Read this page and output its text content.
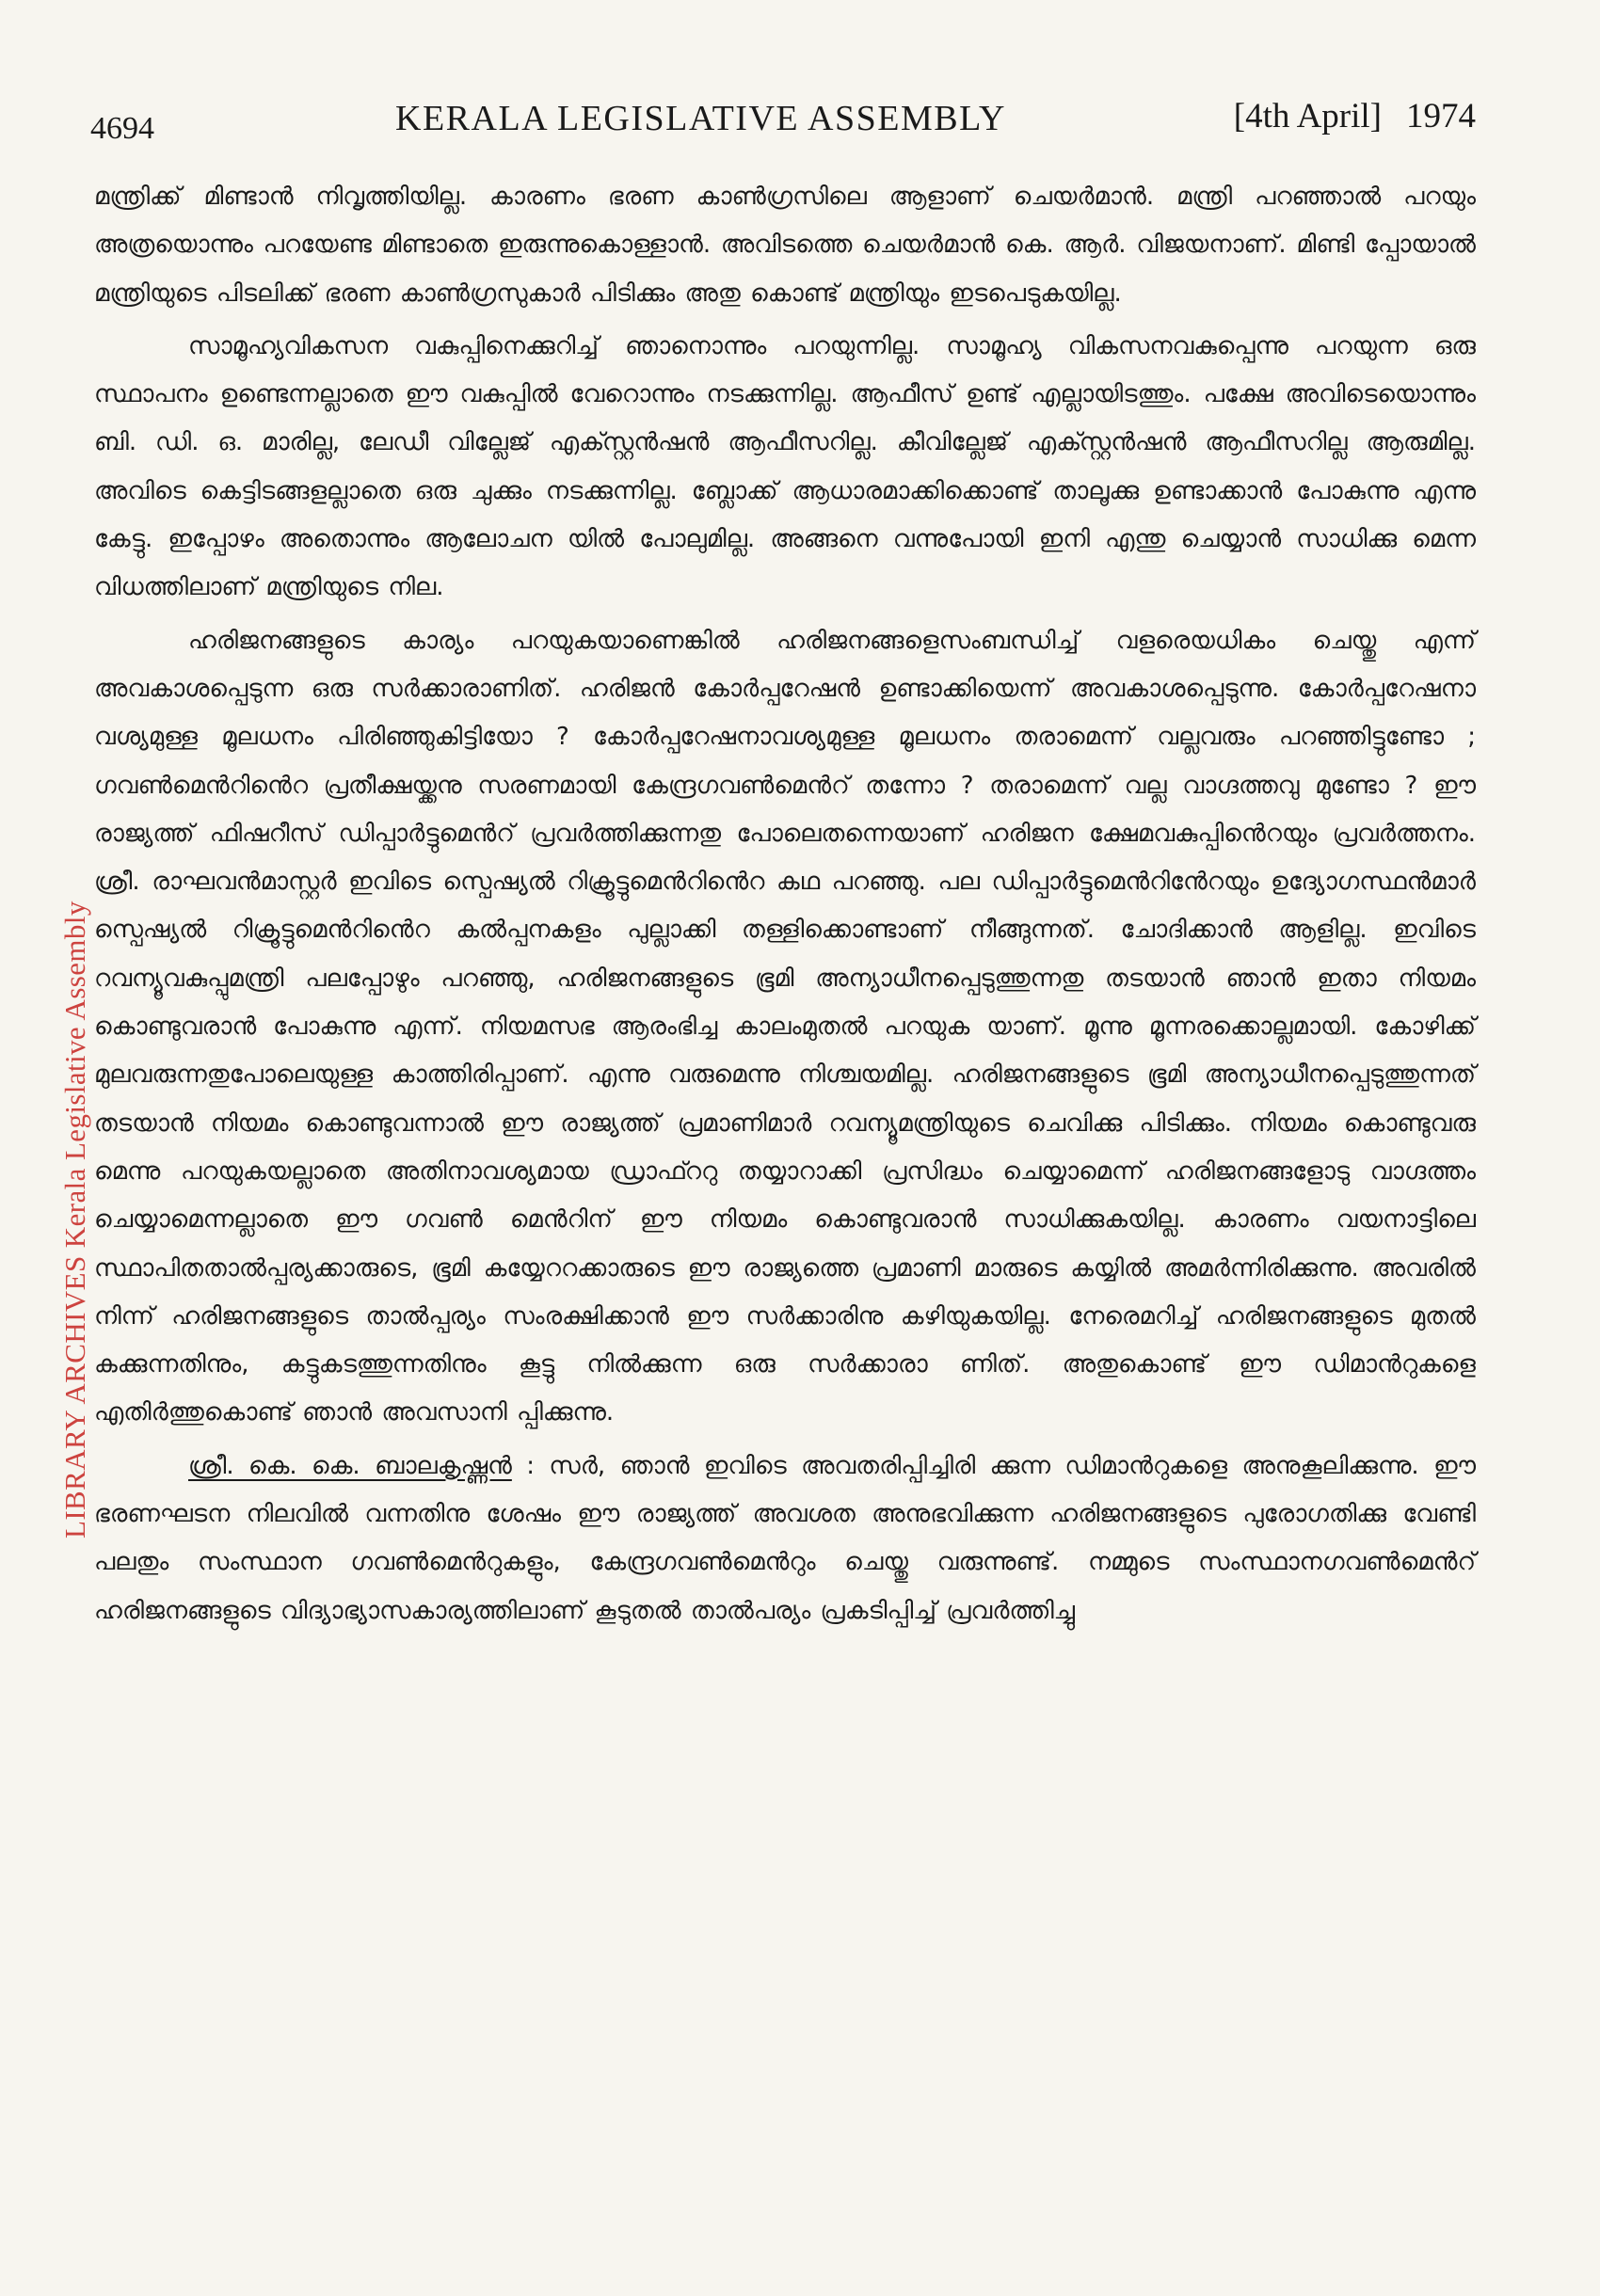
4694	KERALA LEGISLATIVE ASSEMBLY	[4th April] 1974
LIBRARY ARCHIVES Kerala Legislative Assembly

മന്ത്രിക്ക് മിണ്ടാൻ നിവൃത്തിയില്ല. കാരണം ഭരണ കാൺഗ്രസിലെ ആളാണ് ചെയർമാൻ. മന്ത്രി പറഞ്ഞാൽ പറയും അത്രയൊന്നും പറയേണ്ട മിണ്ടാതെ ഇരുന്നുകൊള്ളാൻ. അവിടത്തെ ചെയർമാൻ കെ. ആർ. വിജയനാണ്. മിണ്ടി പ്പോയാൽ മന്ത്രിയുടെ പിടലിക്ക് ഭരണ കാൺഗ്രസുകാർ പിടിക്കും അതു കൊണ്ട് മന്ത്രിയും ഇടപെടുകയില്ല.

സാമൂഹ്യവികസന വകുപ്പിനെക്കുറിച്ച് ഞാനൊന്നും പറയുന്നില്ല. സാമൂഹ്യ വികസനവകുപ്പെന്നു പറയുന്ന ഒരു സ്ഥാപനം ഉണ്ടെന്നല്ലാതെ ഈ വകുപ്പിൽ വേറൊന്നും നടക്കുന്നില്ല. ആഫീസ് ഉണ്ട് എല്ലായിടത്തും. പക്ഷേ അവിടെയൊന്നും ബി. ഡി. ഒ. മാരില്ല, ലേഡീ വില്ലേജ് എക്സ്റ്റൻഷൻ ആഫീസറില്ല. കീവില്ലേജ് എക്സ്റ്റൻഷൻ ആഫീസറില്ല ആരുമില്ല. അവിടെ കെട്ടിടങ്ങളല്ലാതെ ഒരു ചുക്കും നടക്കുന്നില്ല. ബ്ലോക്ക് ആധാരമാക്കിക്കൊണ്ട് താലൂക്കു ഉണ്ടാക്കാൻ പോകുന്നു എന്നു കേട്ടു. ഇപ്പോഴം അതൊന്നും ആലോചന യിൽ പോലുമില്ല. അങ്ങനെ വന്നുപോയി ഇനി എന്തു ചെയ്യാൻ സാധിക്കു മെന്ന വിധത്തിലാണ് മന്ത്രിയുടെ നില.

ഹരിജനങ്ങളുടെ കാര്യം പറയുകയാണെങ്കിൽ ഹരിജനങ്ങളെസംബന്ധിച്ച് വളരെയധികം ചെയ്തു എന്ന് അവകാശപ്പെടുന്ന ഒരു സർക്കാരാണിത്. ഹരിജൻ കോർപ്പറേഷൻ ഉണ്ടാക്കിയെന്ന് അവകാശപ്പെടുന്നു. കോർപ്പറേഷനാ വശ്യമുള്ള മൂലധനം പിരിഞ്ഞുകിട്ടിയോ ? കോർപ്പറേഷനാവശ്യമുള്ള മൂലധനം തരാമെന്ന് വല്ലവരും പറഞ്ഞിട്ടുണ്ടോ ; ഗവൺമെൻറിൻെറ പ്രതീക്ഷയ്ക്കനു സരണമായി കേന്ദ്രഗവൺമെൻറ് തന്നോ ? തരാമെന്ന് വല്ല വാഗ്ദത്തവു മുണ്ടോ ? ഈ രാജ്യത്ത് ഫിഷറീസ് ഡിപ്പാർട്ടുമെൻറ് പ്രവർത്തിക്കുന്നതു പോലെതന്നെയാണ് ഹരിജന ക്ഷേമവകുപ്പിൻെറയും പ്രവർത്തനം. ശ്രീ. രാഘവൻമാസ്റ്റർ ഇവിടെ സ്പെഷ്യൽ റിക്രൂട്ടുമെൻറിൻെറ കഥ പറഞ്ഞു. പല ഡിപ്പാർട്ടുമെൻറിൻേറയും ഉദ്യോഗസ്ഥൻമാർ സ്പെഷ്യൽ റിക്രൂട്ടുമെൻറിൻെറ കൽപ്പനകളം പുല്ലാക്കി തള്ളിക്കൊണ്ടാണ് നീങ്ങുന്നത്. ചോദിക്കാൻ ആളില്ല. ഇവിടെ റവന്യൂവകുപ്പുമന്ത്രി പലപ്പോഴും പറഞ്ഞു, ഹരിജനങ്ങളുടെ ഭൂമി അന്യാധീനപ്പെടുത്തുന്നതു തടയാൻ ഞാൻ ഇതാ നിയമം കൊണ്ടുവരാൻ പോകുന്നു എന്ന്. നിയമസഭ ആരംഭിച്ച കാലംമുതൽ പറയുക യാണ്. മൂന്നു മൂന്നരക്കൊല്ലമായി. കോഴിക്ക് മുലവരുന്നതുപോലെയുള്ള കാത്തിരിപ്പാണ്. എന്നു വരുമെന്നു നിശ്ചയമില്ല. ഹരിജനങ്ങളുടെ ഭൂമി അന്യാധീനപ്പെടുത്തുന്നത് തടയാൻ നിയമം കൊണ്ടുവന്നാൽ ഈ രാജ്യത്ത് പ്രമാണിമാർ റവന്യൂമന്ത്രിയുടെ ചെവിക്കു പിടിക്കും. നിയമം കൊണ്ടുവരു മെന്നു പറയുകയല്ലാതെ അതിനാവശ്യമായ ഡ്രാഫ്ററു തയ്യാറാക്കി പ്രസിദ്ധം ചെയ്യാമെന്ന് ഹരിജനങ്ങളോടു വാഗ്ദത്തം ചെയ്യാമെന്നല്ലാതെ ഈ ഗവൺ മെൻറിന് ഈ നിയമം കൊണ്ടുവരാൻ സാധിക്കുകയില്ല. കാരണം വയനാട്ടിലെ സ്ഥാപിതതാൽപ്പര്യക്കാരുടെ, ഭൂമി കയ്യേററക്കാരുടെ ഈ രാജ്യത്തെ പ്രമാണി മാരുടെ കയ്യിൽ അമർന്നിരിക്കുന്നു. അവരിൽ നിന്ന് ഹരിജനങ്ങളുടെ താൽപ്പര്യം സംരക്ഷിക്കാൻ ഈ സർക്കാരിനു കഴിയുകയില്ല. നേരെമറിച്ച് ഹരിജനങ്ങളുടെ മുതൽ കക്കുന്നതിനും, കട്ടുകടത്തുന്നതിനും കൂട്ടു നിൽക്കുന്ന ഒരു സർക്കാരാ ണിത്. അതുകൊണ്ട് ഈ ഡിമാൻറുകളെ എതിർത്തുകൊണ്ട് ഞാൻ അവസാനി പ്പിക്കുന്നു.

ശ്രീ. കെ. കെ. ബാലകൃഷ്ണൻ : സർ, ഞാൻ ഇവിടെ അവതരിപ്പിച്ചിരി ക്കുന്ന ഡിമാൻറുകളെ അനുകൂലിക്കുന്നു. ഈ ഭരണഘടന നിലവിൽ വന്നതിനു ശേഷം ഈ രാജ്യത്ത് അവശത അനുഭവിക്കുന്ന ഹരിജനങ്ങളുടെ പുരോഗതിക്കു വേണ്ടി പലതും സംസ്ഥാന ഗവൺമെൻറുകളും, കേന്ദ്രഗവൺമെൻറും ചെയ്തു വരുന്നുണ്ട്. നമ്മുടെ സംസ്ഥാനഗവൺമെൻറ് ഹരിജനങ്ങളുടെ വിദ്യാഭ്യാസകാര്യത്തിലാണ് കൂടുതൽ താൽപര്യം പ്രകടിപ്പിച്ച് പ്രവർത്തിച്ചു
